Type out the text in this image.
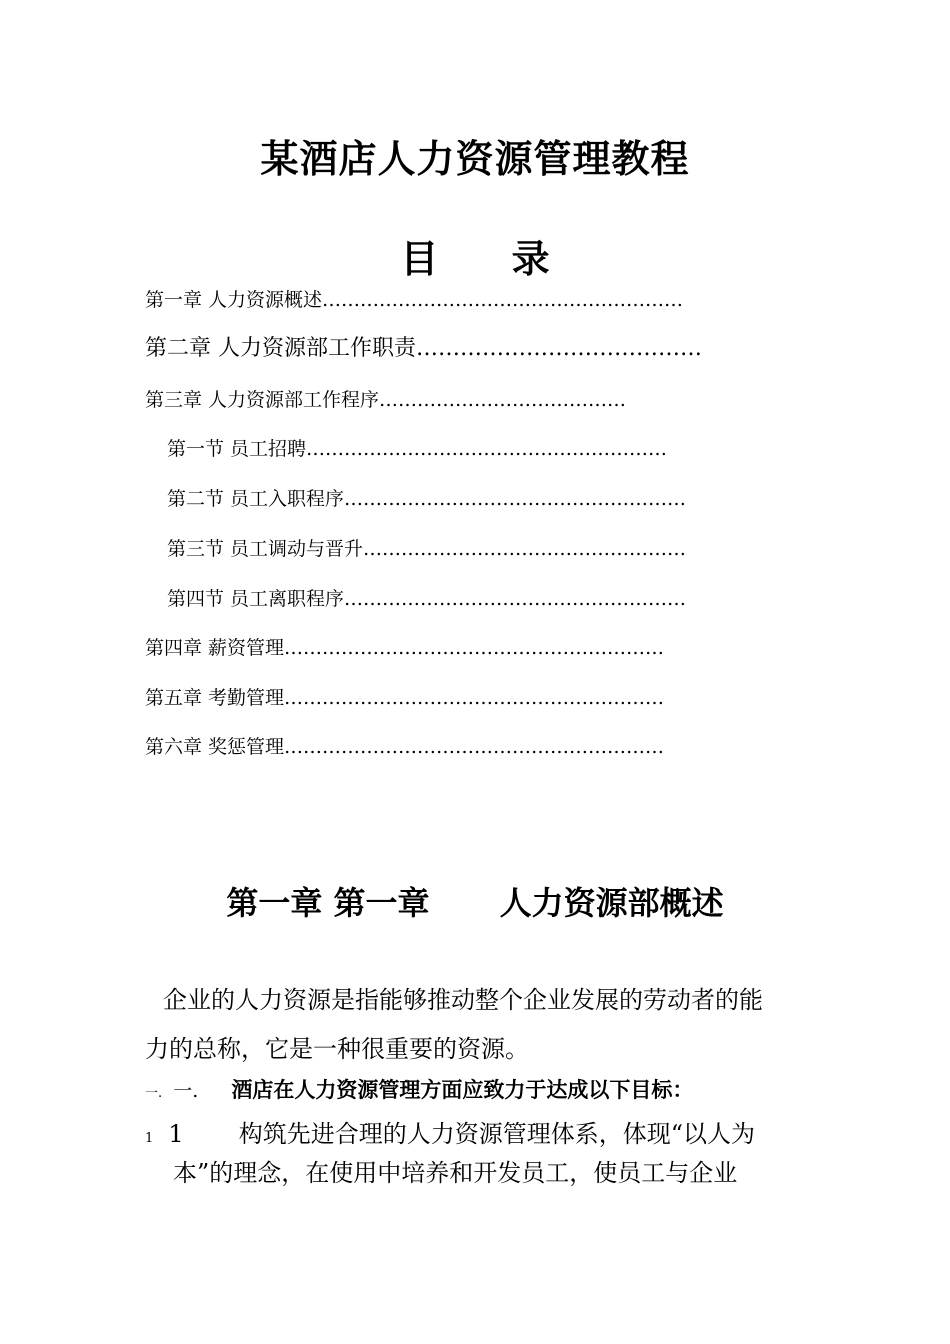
某酒店人力资源管理教程
目 录
第一章 人力资源概述…………………………………………………
第二章 人力资源部工作职责…………………………………
第三章 人力资源部工作程序…………………………………
第一节 员工招聘…………………………………………………
第二节 员工入职程序………………………………………………
第三节 员工调动与晋升……………………………………………
第四节 员工离职程序………………………………………………
第四章 薪资管理……………………………………………………
第五章 考勤管理……………………………………………………
第六章 奖惩管理……………………………………………………
第一章 第一章 人力资源部概述
企业的人力资源是指能够推动整个企业发展的劳动者的能
力的总称，它是一种很重要的资源。
一. 一. 酒店在人力资源管理方面应致力于达成以下目标：
1 1 构筑先进合理的人力资源管理体系，体现“以人为
本”的理念，在使用中培养和开发员工，使员工与企业
